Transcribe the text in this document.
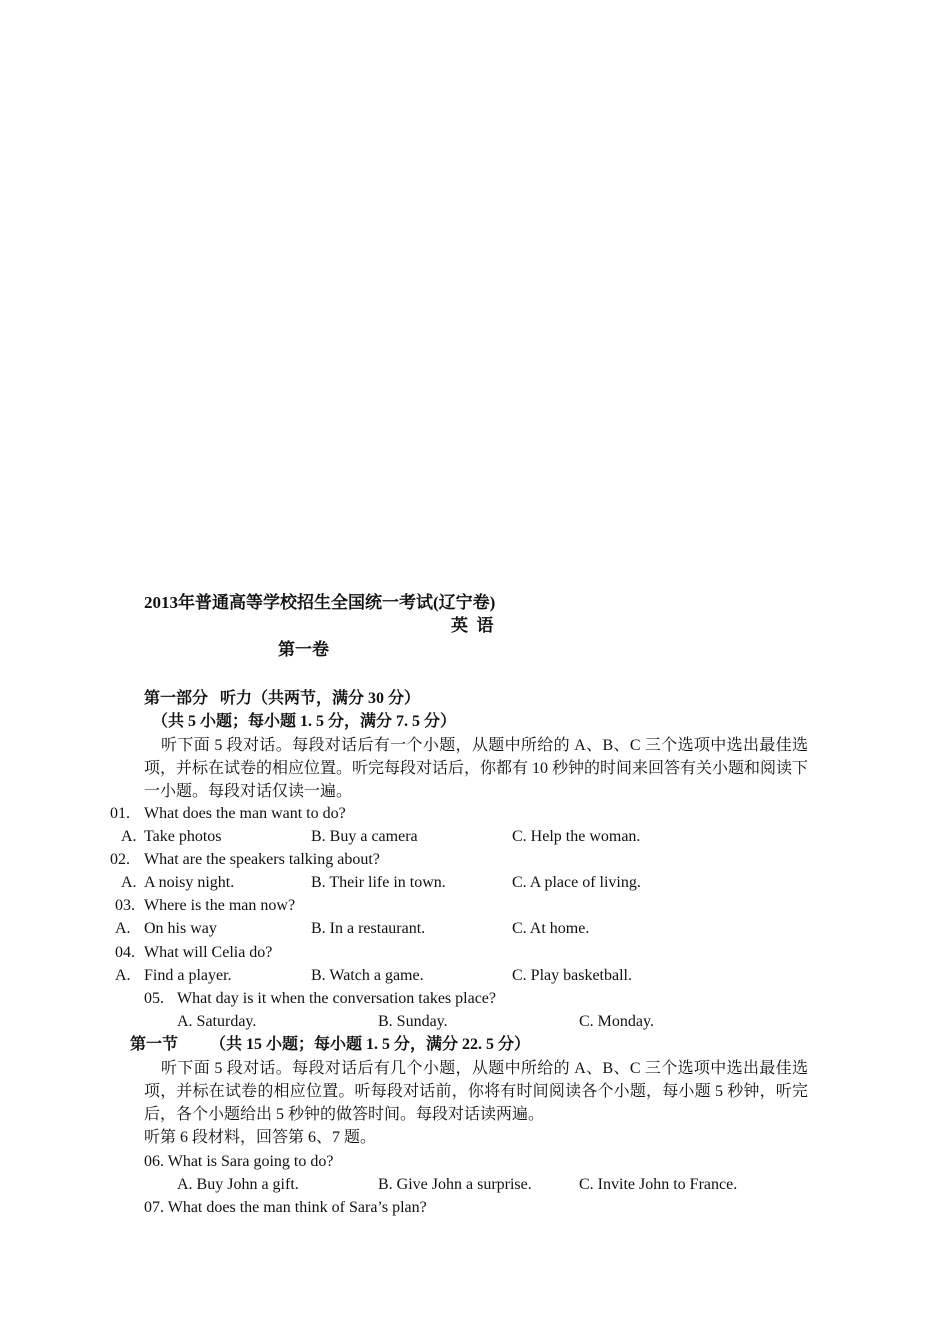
2013年普通高等学校招生全国统一考试(辽宁卷)
英  语
第一卷
第一部分   听力（共两节，满分 30 分）
（共 5 小题；每小题 1. 5 分，满分 7. 5 分）

听下面 5 段对话。每段对话后有一个小题，从题中所给的 A、B、C 三个选项中选出最佳选项，并标在试卷的相应位置。听完每段对话后，你都有 10 秒钟的时间来回答有关小题和阅读下一小题。每段对话仅读一遍。

01. What does the man want to do?
A. Take photos	B. Buy a camera	C. Help the woman.
02. What are the speakers talking about?
A. A noisy night.	B. Their life in town.	C. A place of living.
03. Where is the man now?
A. On his way	B. In a restaurant.	C. At home.
04. What will Celia do?
A. Find a player.	B. Watch a game.	C. Play basketball.
05. What day is it when the conversation takes place?
A. Saturday.	B. Sunday.	C. Monday.
第一节 （共 15 小题；每小题 1. 5 分，满分 22. 5 分）

听下面 5 段对话。每段对话后有几个小题，从题中所给的 A、B、C 三个选项中选出最佳选项，并标在试卷的相应位置。听每段对话前，你将有时间阅读各个小题，每小题 5 秒钟，听完后，各个小题给出 5 秒钟的做答时间。每段对话读两遍。

听第 6 段材料，回答第 6、7 题。
06. What is Sara going to do?
A. Buy John a gift.	B. Give John a surprise.	C. Invite John to France.
07. What does the man think of Sara’s plan?
